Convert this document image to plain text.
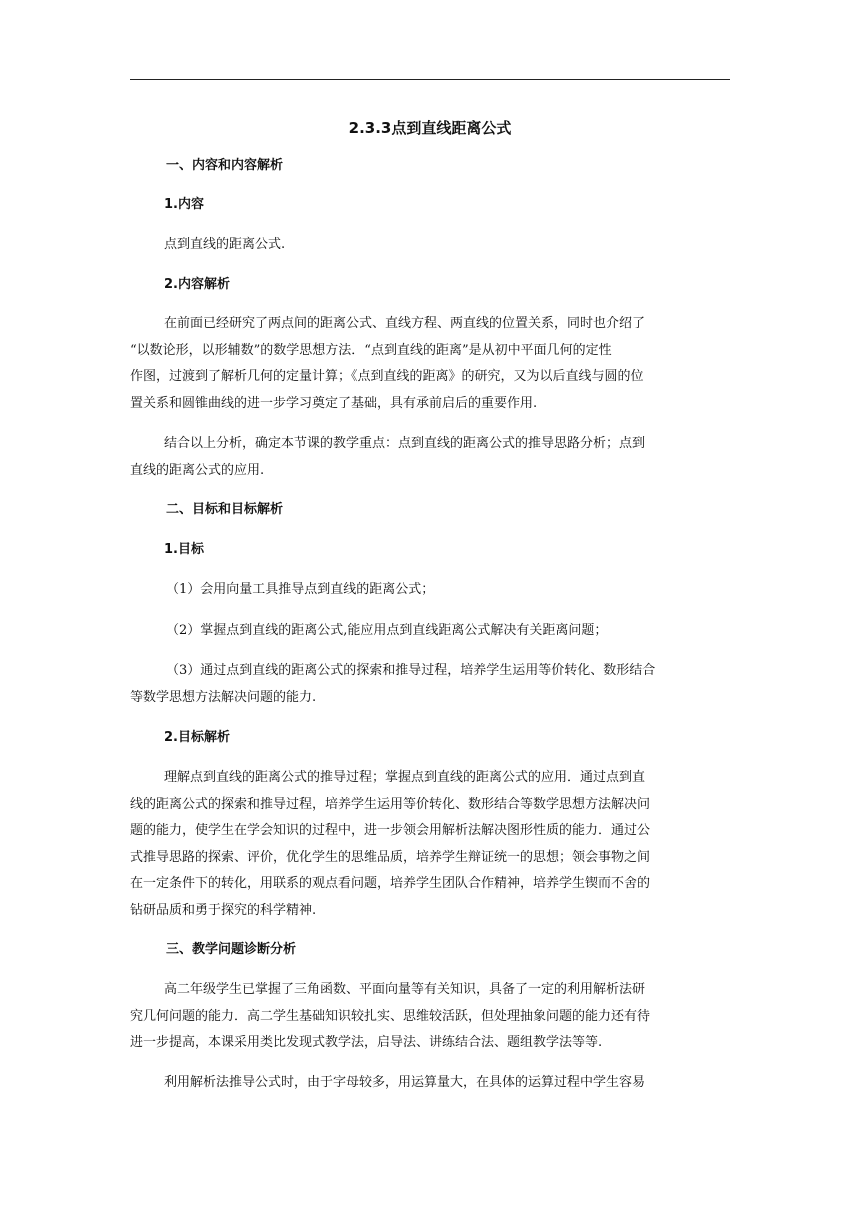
2.3.3点到直线距离公式

一、内容和内容解析

1.内容

点到直线的距离公式.

2.内容解析

在前面已经研究了两点间的距离公式、直线方程、两直线的位置关系，同时也介绍了
“以数论形，以形辅数”的数学思想方法．“点到直线的距离”是从初中平面几何的定性
作图，过渡到了解析几何的定量计算；《点到直线的距离》的研究，又为以后直线与圆的位
置关系和圆锥曲线的进一步学习奠定了基础，具有承前启后的重要作用.

结合以上分析，确定本节课的教学重点：点到直线的距离公式的推导思路分析；点到
直线的距离公式的应用.

二、目标和目标解析

1.目标

（1）会用向量工具推导点到直线的距离公式；

（2）掌握点到直线的距离公式,能应用点到直线距离公式解决有关距离问题；

（3）通过点到直线的距离公式的探索和推导过程，培养学生运用等价转化、数形结合
等数学思想方法解决问题的能力.

2.目标解析

理解点到直线的距离公式的推导过程；掌握点到直线的距离公式的应用．通过点到直
线的距离公式的探索和推导过程，培养学生运用等价转化、数形结合等数学思想方法解决问
题的能力，使学生在学会知识的过程中，进一步领会用解析法解决图形性质的能力．通过公
式推导思路的探索、评价，优化学生的思维品质，培养学生辩证统一的思想；领会事物之间
在一定条件下的转化，用联系的观点看问题，培养学生团队合作精神，培养学生锲而不舍的
钻研品质和勇于探究的科学精神.

三、教学问题诊断分析

高二年级学生已掌握了三角函数、平面向量等有关知识，具备了一定的利用解析法研
究几何问题的能力．高二学生基础知识较扎实、思维较活跃，但处理抽象问题的能力还有待
进一步提高，本课采用类比发现式教学法，启导法、讲练结合法、题组教学法等等.

利用解析法推导公式时，由于字母较多，用运算量大，在具体的运算过程中学生容易
